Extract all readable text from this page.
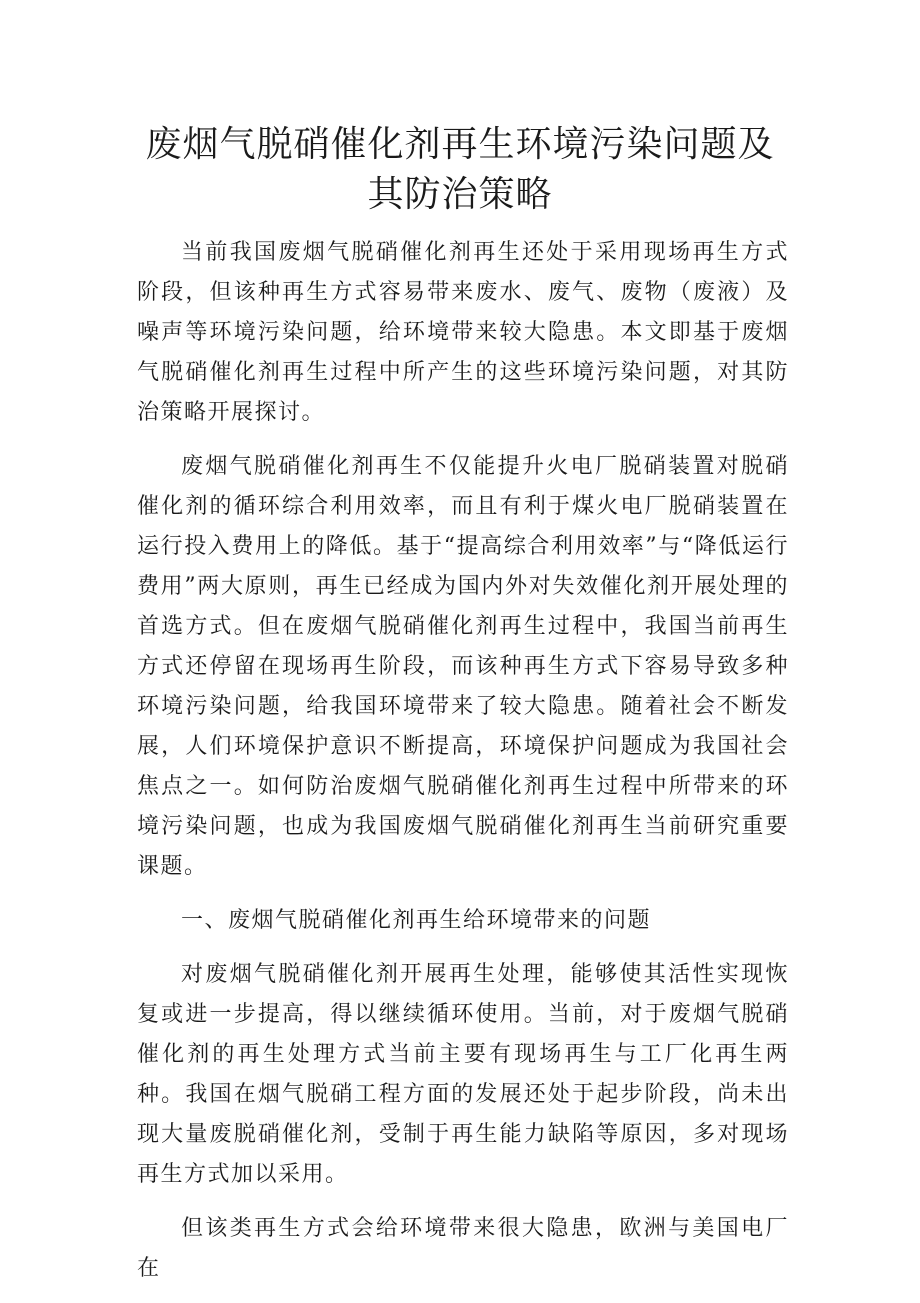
废烟气脱硝催化剂再生环境污染问题及其防治策略

当前我国废烟气脱硝催化剂再生还处于采用现场再生方式阶段，但该种再生方式容易带来废水、废气、废物（废液）及噪声等环境污染问题，给环境带来较大隐患。本文即基于废烟气脱硝催化剂再生过程中所产生的这些环境污染问题，对其防治策略开展探讨。

废烟气脱硝催化剂再生不仅能提升火电厂脱硝装置对脱硝催化剂的循环综合利用效率，而且有利于煤火电厂脱硝装置在运行投入费用上的降低。基于“提高综合利用效率”与“降低运行费用”两大原则，再生已经成为国内外对失效催化剂开展处理的首选方式。但在废烟气脱硝催化剂再生过程中，我国当前再生方式还停留在现场再生阶段，而该种再生方式下容易导致多种环境污染问题，给我国环境带来了较大隐患。随着社会不断发展，人们环境保护意识不断提高，环境保护问题成为我国社会焦点之一。如何防治废烟气脱硝催化剂再生过程中所带来的环境污染问题，也成为我国废烟气脱硝催化剂再生当前研究重要课题。

一、废烟气脱硝催化剂再生给环境带来的问题

对废烟气脱硝催化剂开展再生处理，能够使其活性实现恢复或进一步提高，得以继续循环使用。当前，对于废烟气脱硝催化剂的再生处理方式当前主要有现场再生与工厂化再生两种。我国在烟气脱硝工程方面的发展还处于起步阶段，尚未出现大量废脱硝催化剂，受制于再生能力缺陷等原因，多对现场再生方式加以采用。

但该类再生方式会给环境带来很大隐患，欧洲与美国电厂在
